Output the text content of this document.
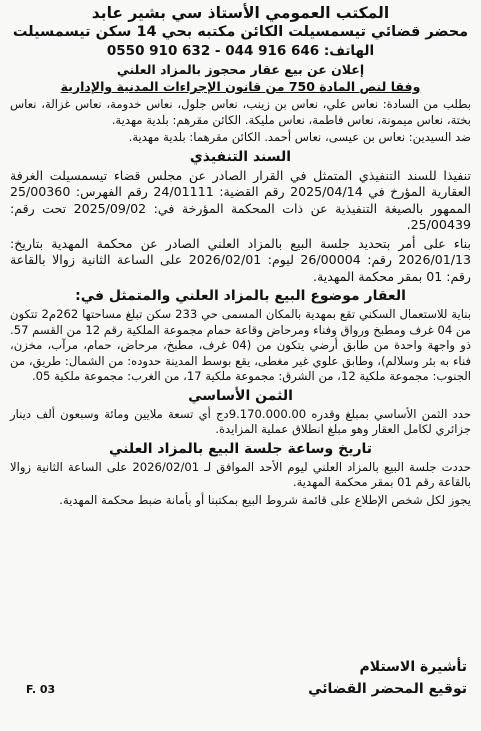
المكتب العمومي الأستاذ سي بشير عابد
محضر قضائي تيسمسيلت الكائن مكتبه بحي 14 سكن تيسمسيلت
الهاتف: 0550 910 632 - 044 916 646
إعلان عن بيع عقار محجوز بالمزاد العلني
وفقا لنص المادة 750 من قانون الإجراءات المدنية والإدارية
بطلب من السادة: نعاس علي، نعاس بن زينب، نعاس جلول، نعاس خدومة، نعاس غزالة، نعاس بختة، نعاس ميمونة، نعاس فاطمة، نعاس مليكة. الكائن مقرهم: بلدية مهدية.
ضد السيدين: نعاس بن عيسى، نعاس أحمد. الكائن مقرهما: بلدية مهدية.
السند التنفيذي
تنفيذا للسند التنفيذي المتمثل في القرار الصادر عن مجلس قضاء تيسمسيلت الغرفة العقارية المؤرخ في 2025/04/14 رقم القضية: 24/01111 رقم الفهرس: 25/00360 الممهور بالصيغة التنفيذية عن ذات المحكمة المؤرخة في: 2025/09/02 تحت رقم: 25/00439.
بناء على أمر بتحديد جلسة البيع بالمزاد العلني الصادر عن محكمة المهدية بتاريخ: 2026/01/13 رقم: 26/00004 ليوم: 2026/02/01 على الساعة الثانية زوالا بالقاعة رقم: 01 بمقر محكمة المهدية.
العقار موضوع البيع بالمزاد العلني والمتمثل في:
بناية للاستعمال السكني تقع بمهدية بالمكان المسمى حي 233 سكن تبلغ مساحتها 262م2 تتكون من 04 غرف ومطبخ ورواق وفناء ومرحاض وقاعة حمام مجموعة الملكية رقم 12 من القسم 57. ذو واجهة واحدة من طابق أرضي يتكون من (04 غرف، مطبخ، مرحاض، حمام، مرآب، مخزن، فناء به بئر وسلالم)، وطابق علوي غير مغطى، يقع بوسط المدينة حدوده: من الشمال: طريق، من الجنوب: مجموعة ملكية 12، من الشرق: مجموعة ملكية 17، من الغرب: مجموعة ملكية 05.
الثمن الأساسي
حدد الثمن الأساسي بمبلغ وقدره 9.170.000.00دج أي تسعة ملايين ومائة وسبعون ألف دينار جزائري لكامل العقار وهو مبلغ انطلاق عملية المزايدة.
تاريخ وساعة جلسة البيع بالمزاد العلني
حددت جلسة البيع بالمزاد العلني ليوم الأحد الموافق لـ 2026/02/01 على الساعة الثانية زوالا بالقاعة رقم 01 بمقر محكمة المهدية.
يجوز لكل شخص الإطلاع على قائمة شروط البيع بمكتبنا أو بأمانة ضبط محكمة المهدية.
تأشيرة الاستلام
توقيع المحضر القضائي
F. 03
